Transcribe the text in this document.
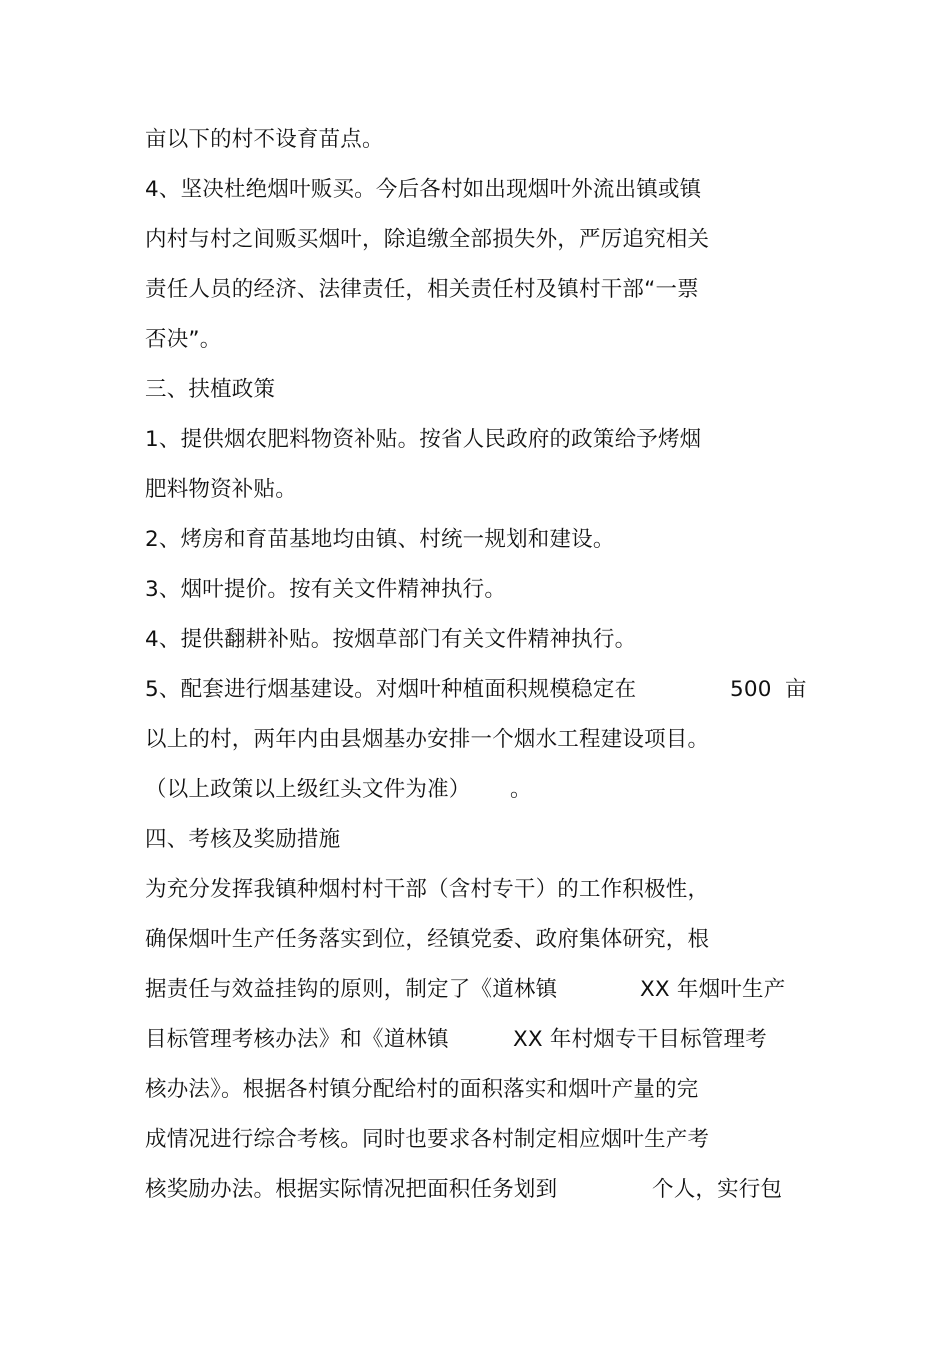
亩以下的村不设育苗点。
4、坚决杜绝烟叶贩买。今后各村如出现烟叶外流出镇或镇
内村与村之间贩买烟叶，除追缴全部损失外，严厉追究相关
责任人员的经济、法律责任，相关责任村及镇村干部“一票
否决”。
三、扶植政策
1、提供烟农肥料物资补贴。按省人民政府的政策给予烤烟
肥料物资补贴。
2、烤房和育苗基地均由镇、村统一规划和建设。
3、烟叶提价。按有关文件精神执行。
4、提供翻耕补贴。按烟草部门有关文件精神执行。

5、配套进行烟基建设。对烟叶种植面积规模稳定在

	500

亩

以上的村，两年内由县烟基办安排一个烟水工程建设项目。

（以上政策以上级红头文件为准）

。

四、考核及奖励措施
为充分发挥我镇种烟村村干部（含村专干）的工作积极性，
确保烟叶生产任务落实到位，经镇党委、政府集体研究，根

据责任与效益挂钩的原则，制定了《道林镇

	XX 年烟叶生产

目标管理考核办法》和《道林镇

	XX 年村烟专干目标管理考

核办法》。根据各村镇分配给村的面积落实和烟叶产量的完
成情况进行综合考核。同时也要求各村制定相应烟叶生产考

核奖励办法。根据实际情况把面积任务划到

	个人，实行包
